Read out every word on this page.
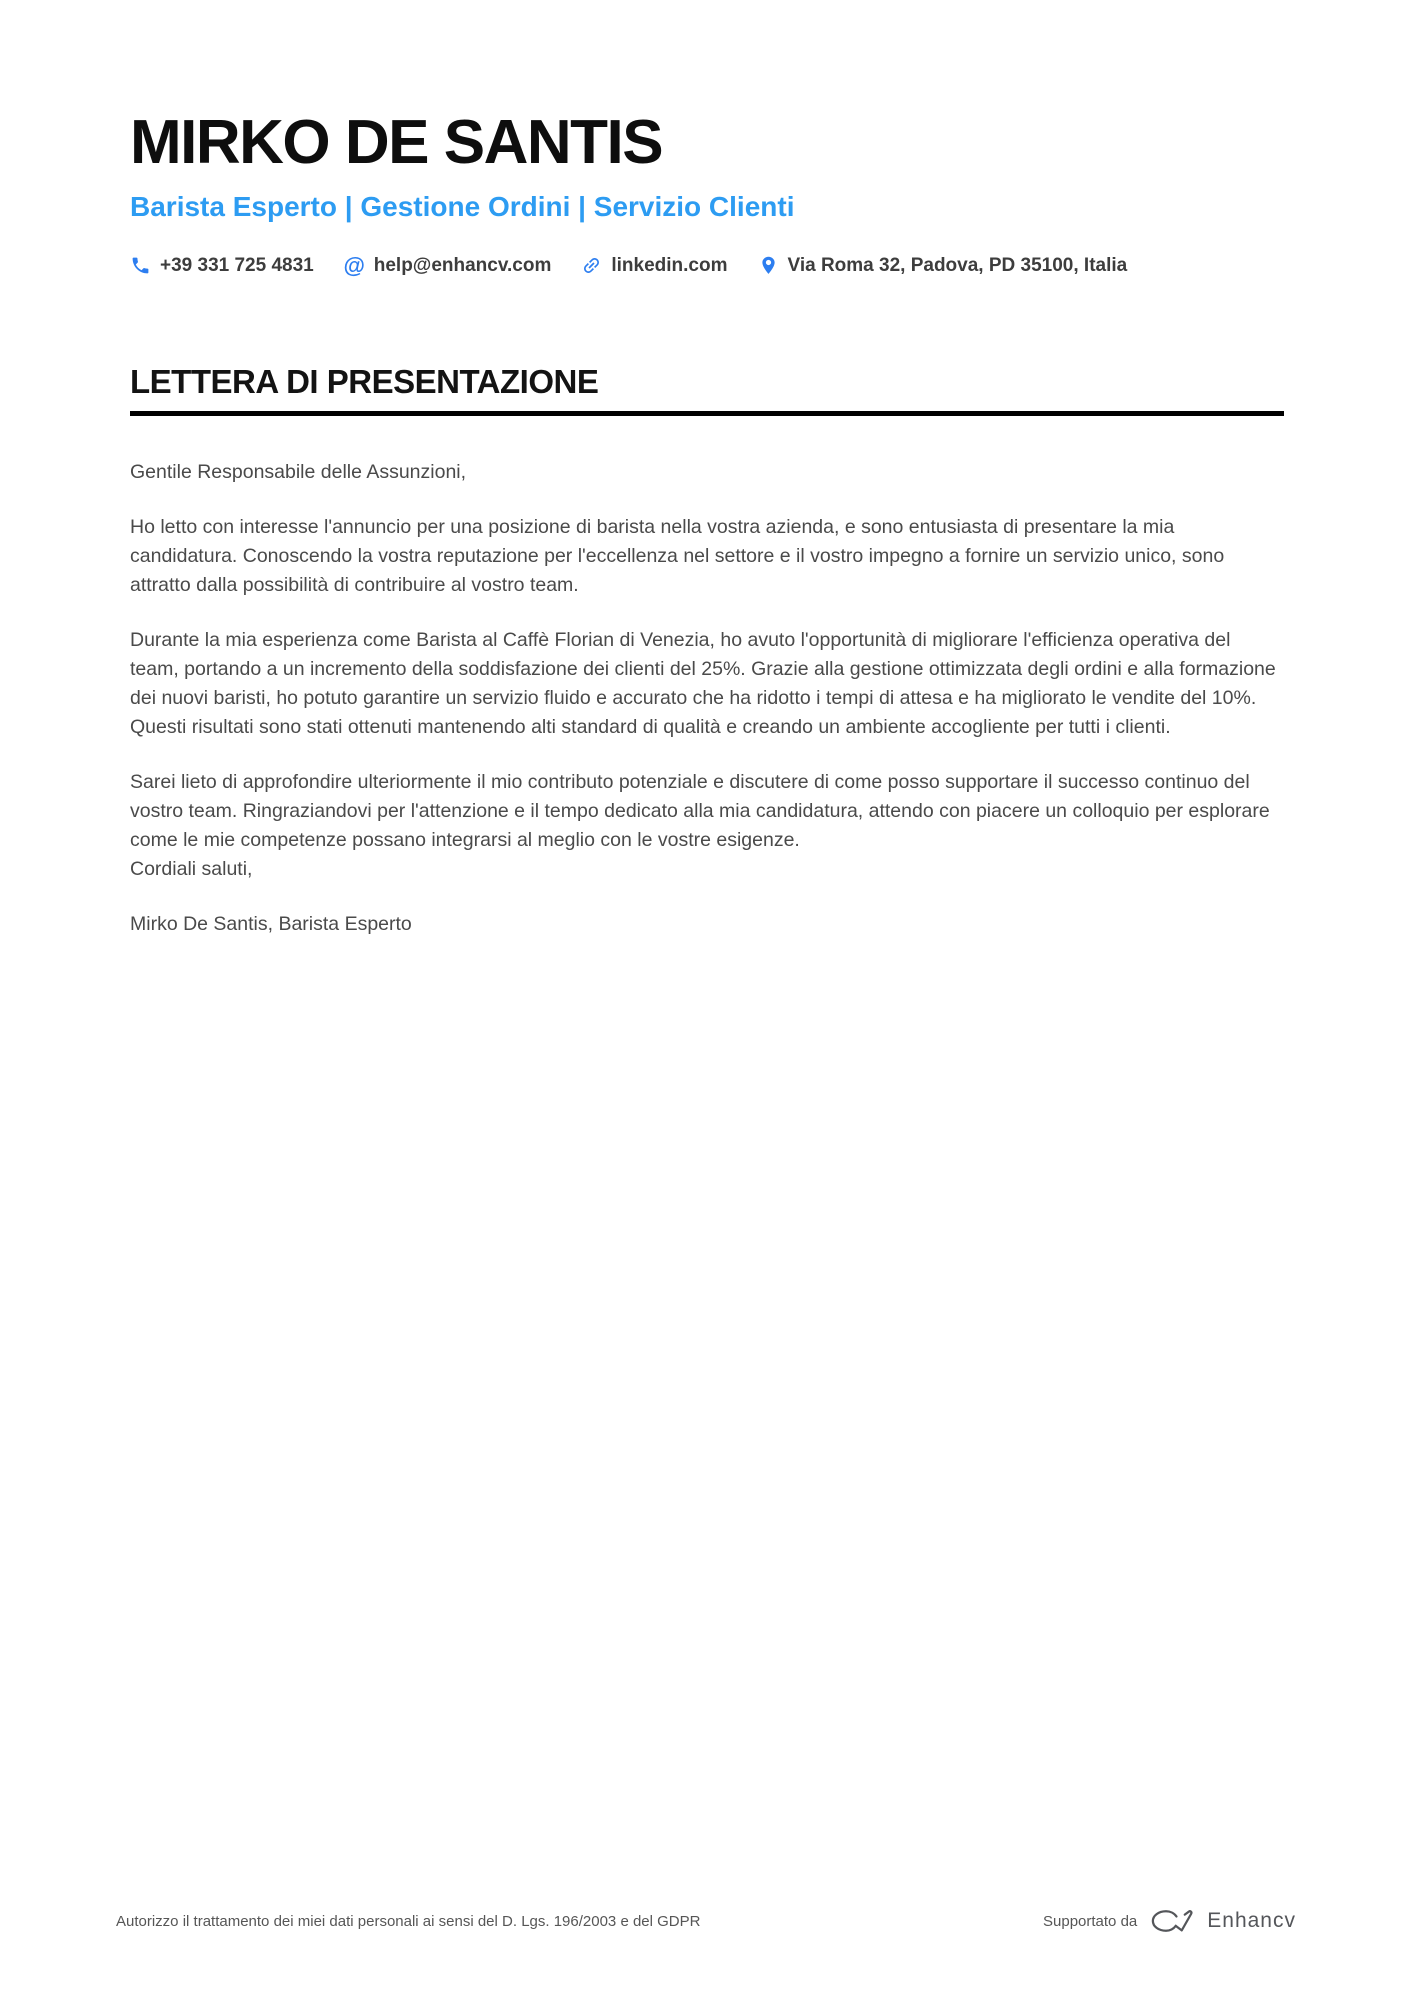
MIRKO DE SANTIS
Barista Esperto | Gestione Ordini | Servizio Clienti
+39 331 725 4831 @ help@enhancv.com	linkedin.com	Via Roma 32, Padova, PD 35100, Italia
LETTERA DI PRESENTAZIONE

Gentile Responsabile delle Assunzioni,

Ho letto con interesse l'annuncio per una posizione di barista nella vostra azienda, e sono entusiasta di presentare la mia candidatura. Conoscendo la vostra reputazione per l'eccellenza nel settore e il vostro impegno a fornire un servizio unico, sono attratto dalla possibilità di contribuire al vostro team.

Durante la mia esperienza come Barista al Caffè Florian di Venezia, ho avuto l'opportunità di migliorare l'efficienza operativa del team, portando a un incremento della soddisfazione dei clienti del 25%. Grazie alla gestione ottimizzata degli ordini e alla formazione dei nuovi baristi, ho potuto garantire un servizio fluido e accurato che ha ridotto i tempi di attesa e ha migliorato le vendite del 10%. Questi risultati sono stati ottenuti mantenendo alti standard di qualità e creando un ambiente accogliente per tutti i clienti.

Sarei lieto di approfondire ulteriormente il mio contributo potenziale e discutere di come posso supportare il successo continuo del vostro team. Ringraziandovi per l'attenzione e il tempo dedicato alla mia candidatura, attendo con piacere un colloquio per esplorare come le mie competenze possano integrarsi al meglio con le vostre esigenze.

Cordiali saluti,

Mirko De Santis, Barista Esperto

Autorizzo il trattamento dei miei dati personali ai sensi del D. Lgs. 196/2003 e del GDPR	Supportato da	Enhancv
